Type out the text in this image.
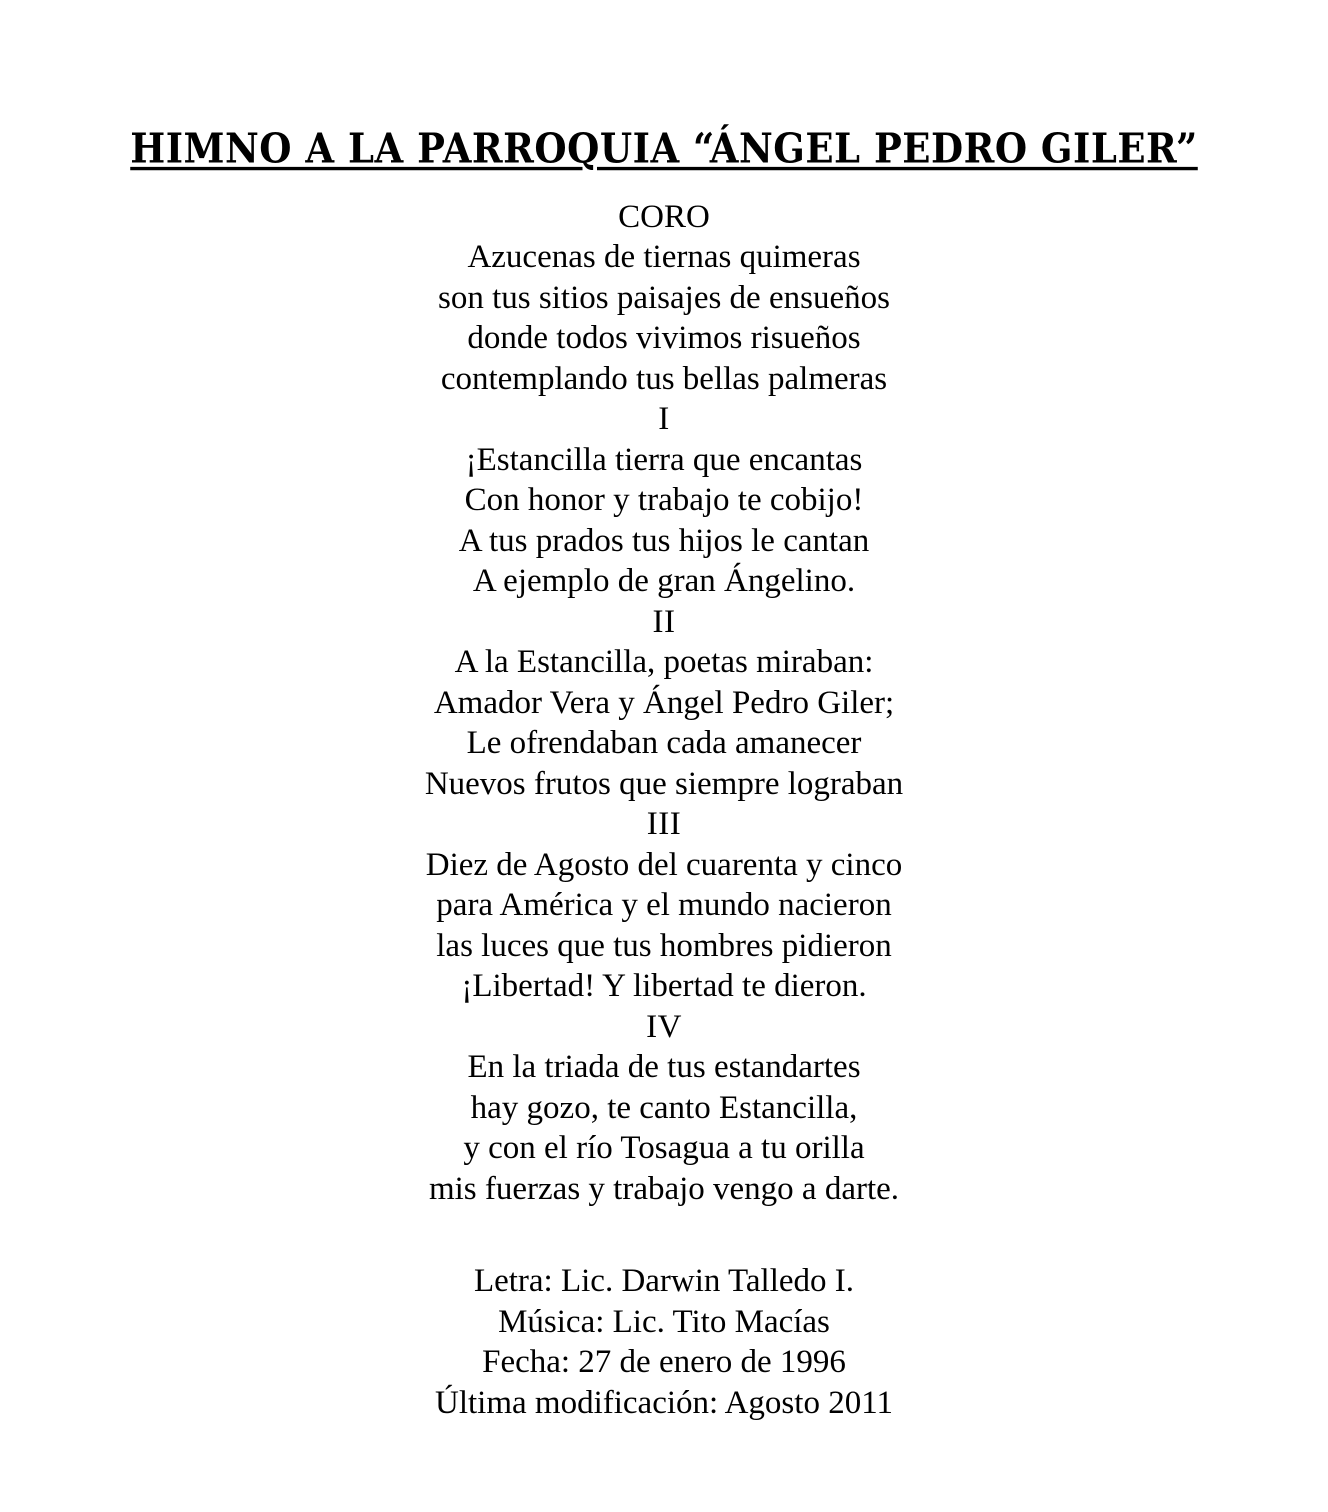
HIMNO A LA PARROQUIA “ÁNGEL PEDRO GILER”
CORO
Azucenas de tiernas quimeras
son tus sitios paisajes de ensueños
donde todos vivimos risueños
contemplando tus bellas palmeras
I
¡Estancilla tierra que encantas
Con honor y trabajo te cobijo!
A tus prados tus hijos le cantan
A ejemplo de gran Ángelino.
II
A la Estancilla, poetas miraban:
Amador Vera y Ángel Pedro Giler;
Le ofrendaban cada amanecer
Nuevos frutos que siempre lograban
III
Diez de Agosto del cuarenta y cinco
para América y el mundo nacieron
las luces que tus hombres pidieron
¡Libertad! Y libertad te dieron.
IV
En la triada de tus estandartes
hay gozo, te canto Estancilla,
y con el río Tosagua a tu orilla
mis fuerzas y trabajo vengo a darte.
Letra: Lic. Darwin Talledo I.
Música: Lic. Tito Macías
Fecha: 27 de enero de 1996
Última modificación: Agosto 2011
